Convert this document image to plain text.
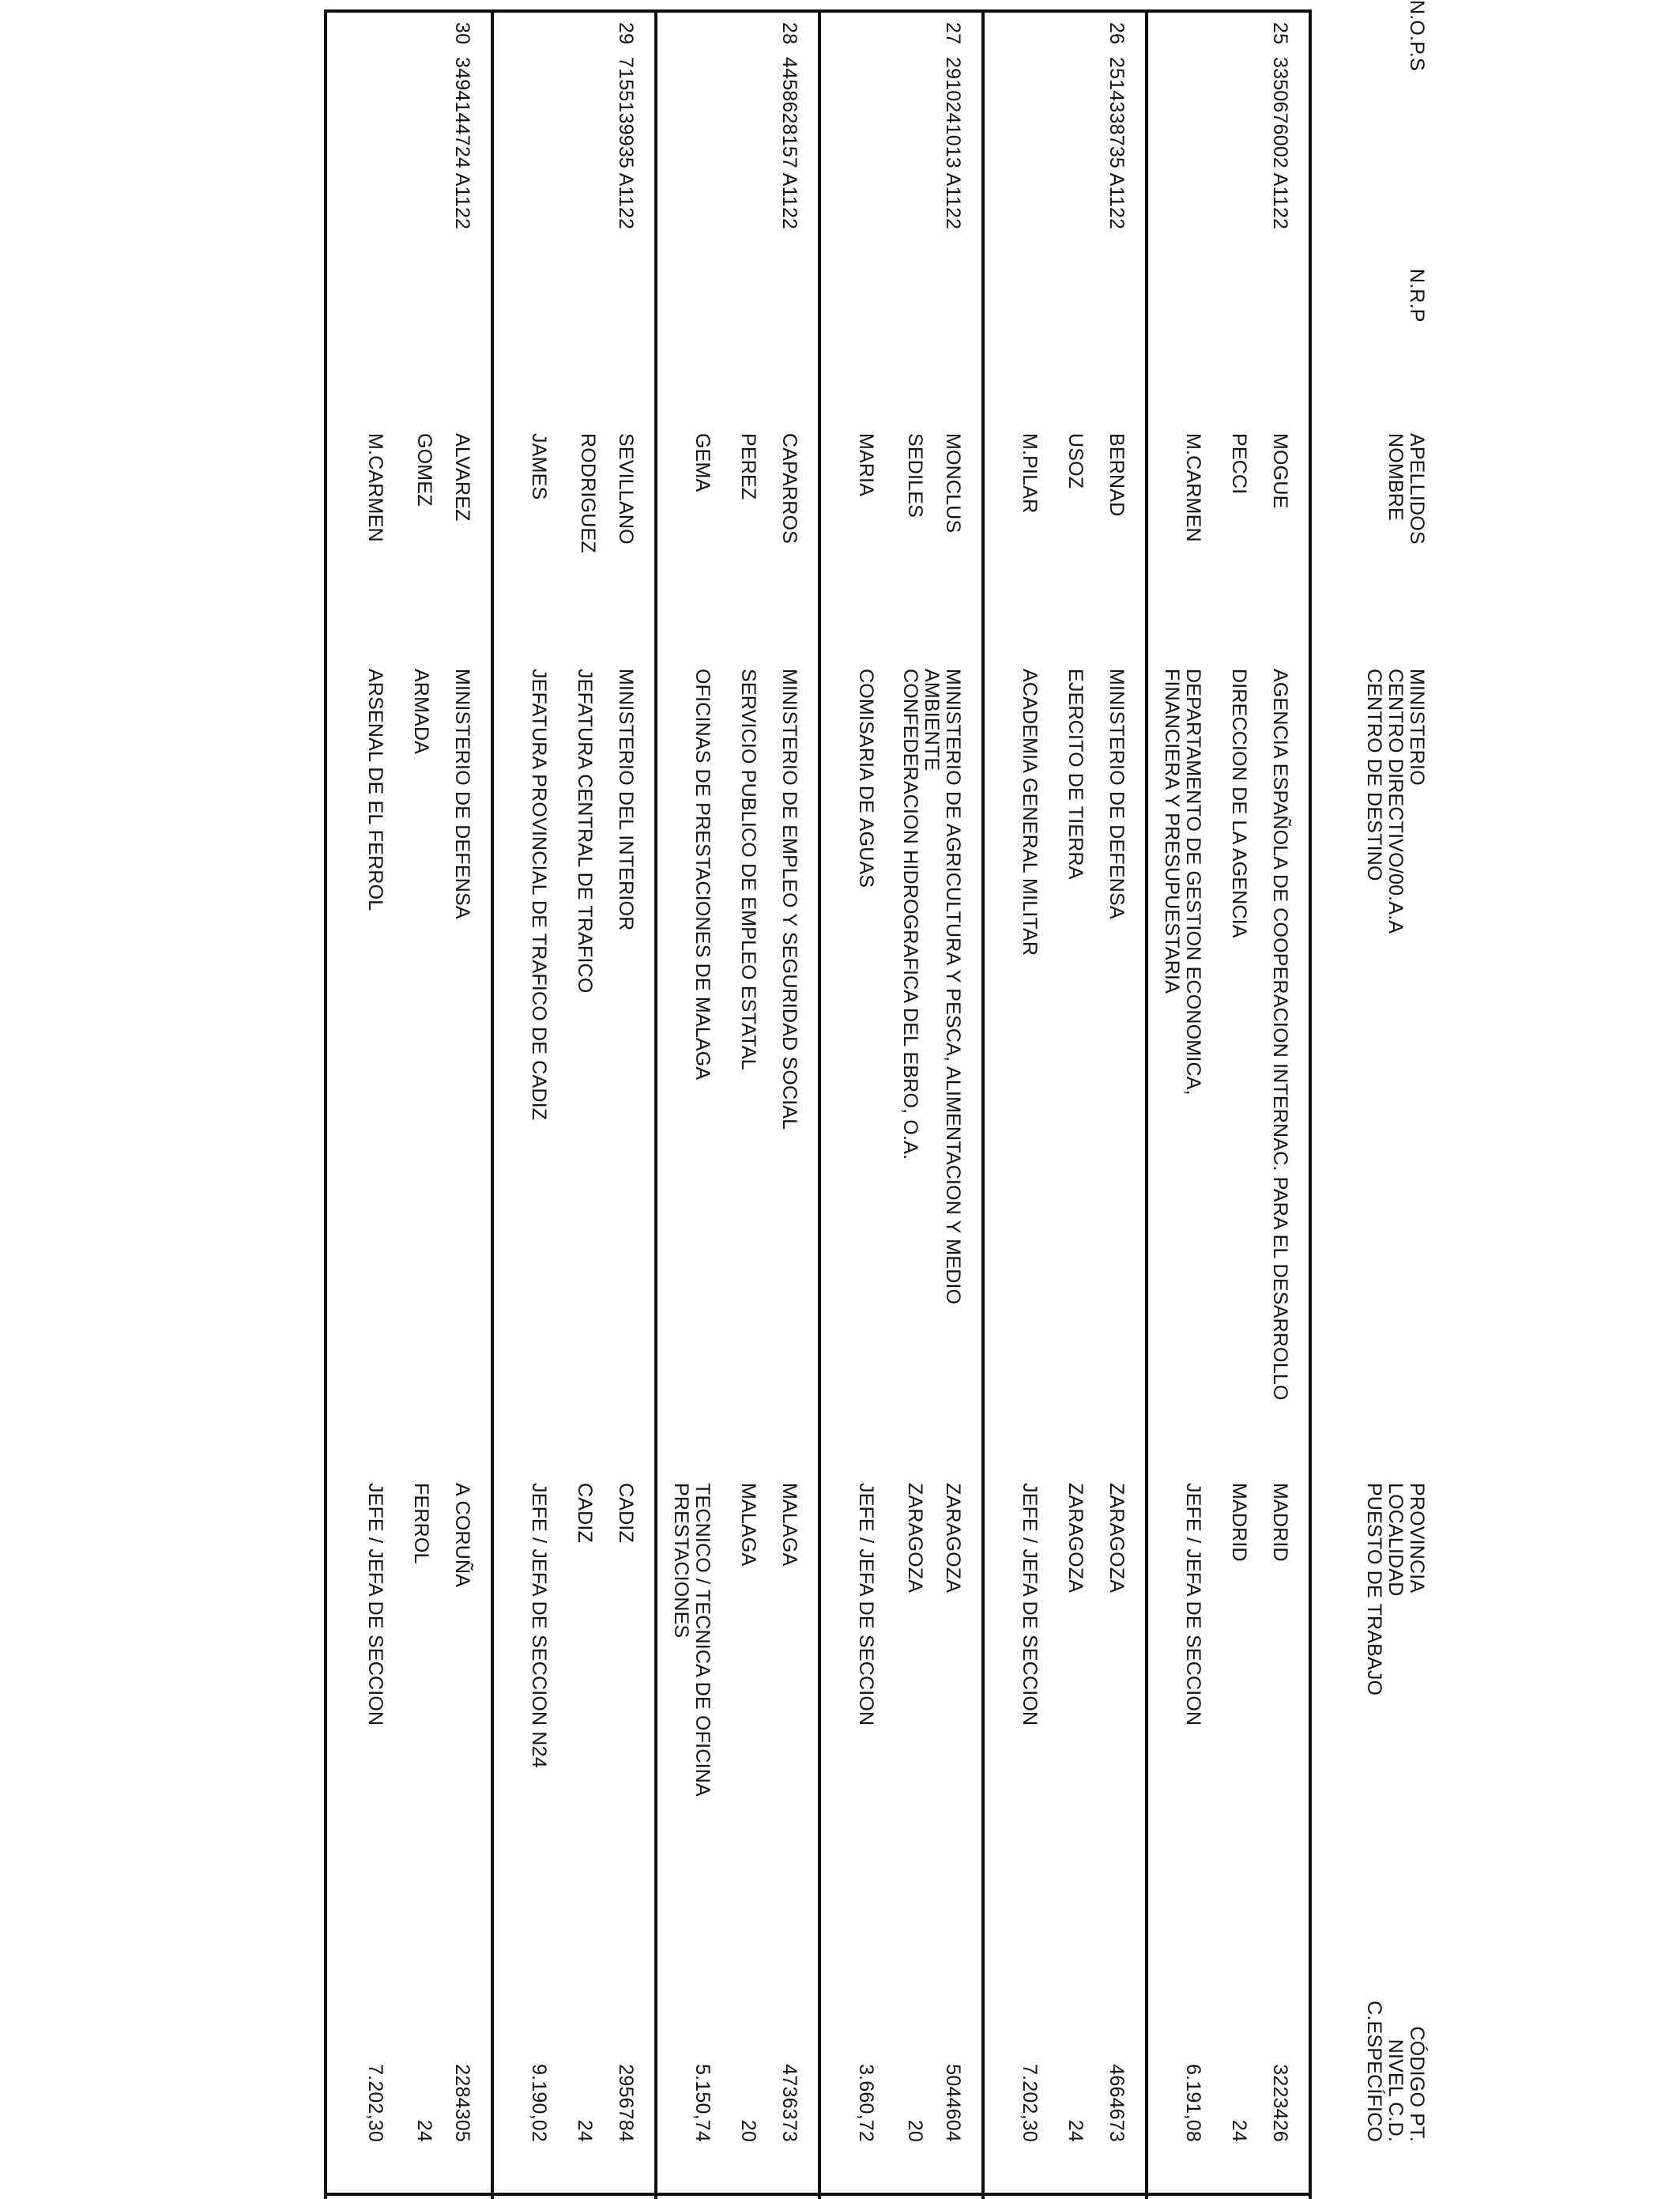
N.O.P.S
N.R.P
APELLIDOS
NOMBRE
MINISTERIO
CENTRO DIRECTIVO/00.A.A
CENTRO DE DESTINO
PROVINCIA
LOCALIDAD
PUESTO DE TRABAJO
CÓDIGO PT.
NIVEL C.D.
C.ESPECÍFICO
25
3350676002 A1122
MOGUE
PECCI
M.CARMEN
AGENCIA ESPAÑOLA DE COOPERACION INTERNAC. PARA EL DESARROLLO
DIRECCION DE LA AGENCIA
DEPARTAMENTO DE GESTION ECONOMICA, FINANCIERA Y PRESUPUESTARIA
MADRID
MADRID
JEFE / JEFA DE SECCION
3223426
24
6.191,08
26
2514338735 A1122
BERNAD
USOZ
M.PILAR
MINISTERIO DE DEFENSA
EJERCITO DE TIERRA
ACADEMIA GENERAL MILITAR
ZARAGOZA
ZARAGOZA
JEFE / JEFA DE SECCION
4664673
24
7.202,30
27
2910241013 A1122
MONCLUS
SEDILES
MARIA
MINISTERIO DE AGRICULTURA Y PESCA, ALIMENTACION Y MEDIO AMBIENTE
CONFEDERACION HIDROGRAFICA DEL EBRO, O.A.
COMISARIA DE AGUAS
ZARAGOZA
ZARAGOZA
JEFE / JEFA DE SECCION
5044604
20
3.660,72
28
4458628157 A1122
CAPARROS
PEREZ
GEMA
MINISTERIO DE EMPLEO Y SEGURIDAD SOCIAL
SERVICIO PUBLICO DE EMPLEO ESTATAL
OFICINAS DE PRESTACIONES DE MALAGA
MALAGA
MALAGA
TECNICO / TECNICA DE OFICINA PRESTACIONES
4736373
20
5.150,74
29
7155139935 A1122
SEVILLANO
RODRIGUEZ
JAMES
MINISTERIO DEL INTERIOR
JEFATURA CENTRAL DE TRAFICO
JEFATURA PROVINCIAL DE TRAFICO DE CADIZ
CADIZ
CADIZ
JEFE / JEFA DE SECCION N24
2956784
24
9.190,02
30
3494144724 A1122
ALVAREZ
GOMEZ
M.CARMEN
MINISTERIO DE DEFENSA
ARMADA
ARSENAL DE EL FERROL
A CORUÑA
FERROL
JEFE / JEFA DE SECCION
2284305
24
7.202,30
